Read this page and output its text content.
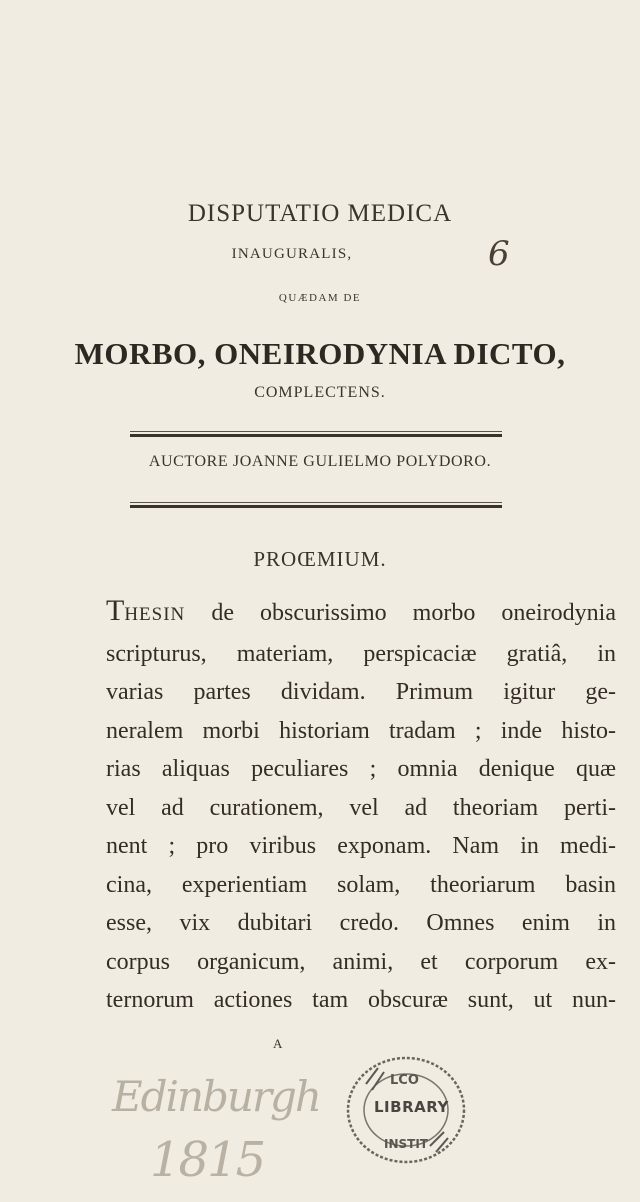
DISPUTATIO MEDICA
INAUGURALIS,	6
QUÆDAM DE
MORBO, ONEIRODYNIA DICTO,
COMPLECTENS.
AUCTORE JOANNE GULIELMO POLYDORO.
PROŒMIUM.
THESIN de obscurissimo morbo oneirodynia
scripturus, materiam, perspicaciæ gratiâ, in
varias partes dividam. Primum igitur ge-
neralem morbi historiam tradam ; inde histo-
rias aliquas peculiares ; omnia denique quæ
vel ad curationem, vel ad theoriam perti-
nent ; pro viribus exponam. Nam in medi-
cina, experientiam solam, theoriarum basin
esse, vix dubitari credo. Omnes enim in
corpus organicum, animi, et corporum ex-
ternorum actiones tam obscuræ sunt, ut nun-
A
Edinburgh
1815
LCO
INSTIT
LIBRARY
